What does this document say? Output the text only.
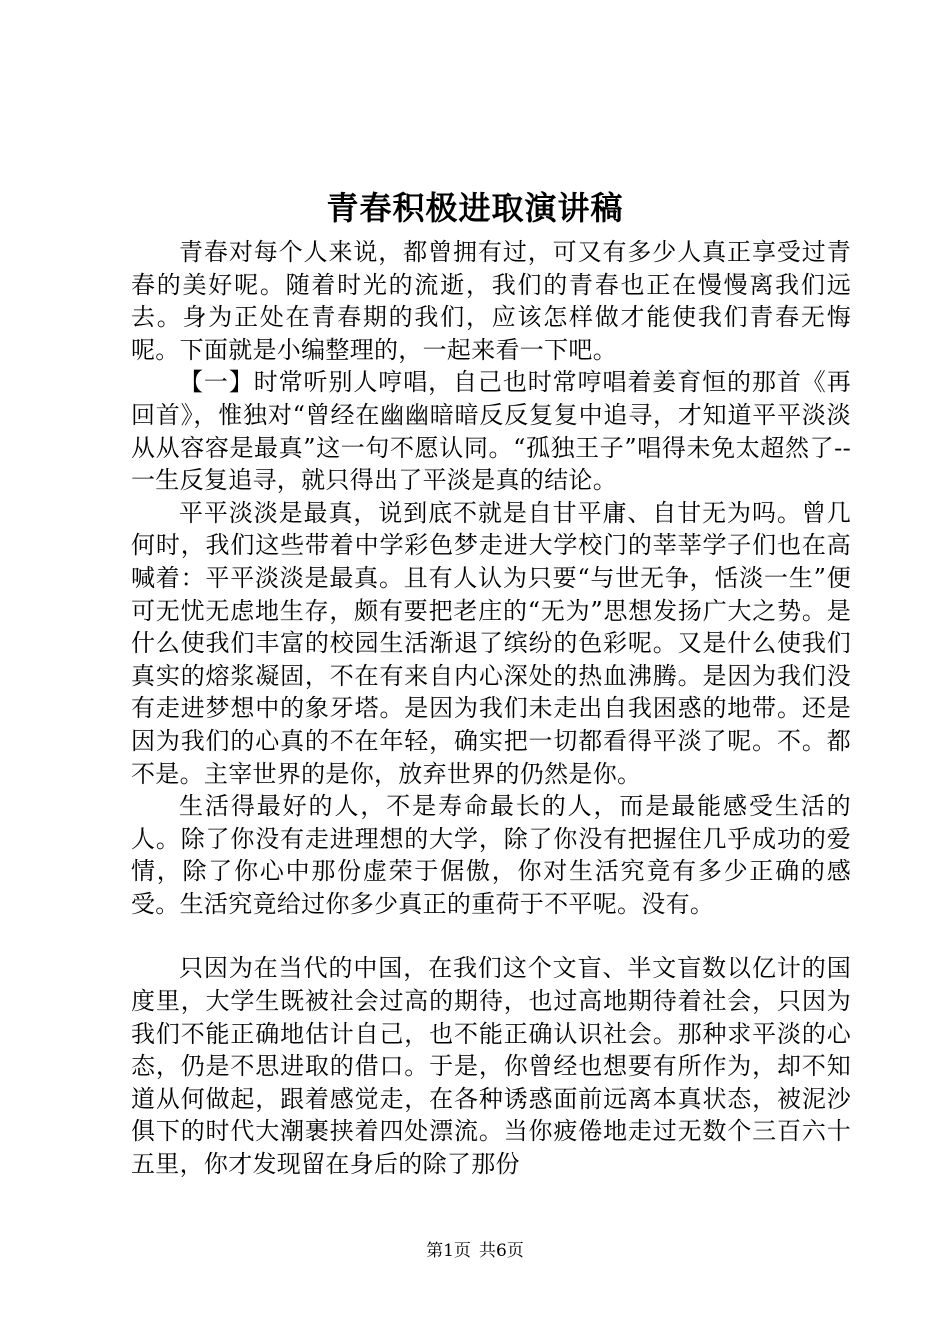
青春积极进取演讲稿

青春对每个人来说，都曾拥有过，可又有多少人真正享受过青春的美好呢。随着时光的流逝，我们的青春也正在慢慢离我们远去。身为正处在青春期的我们，应该怎样做才能使我们青春无悔呢。下面就是小编整理的，一起来看一下吧。

【一】时常听别人哼唱，自己也时常哼唱着姜育恒的那首《再回首》，惟独对“曾经在幽幽暗暗反反复复中追寻，才知道平平淡淡从从容容是最真”这一句不愿认同。“孤独王子”唱得未免太超然了--一生反复追寻，就只得出了平淡是真的结论。

平平淡淡是最真，说到底不就是自甘平庸、自甘无为吗。曾几何时，我们这些带着中学彩色梦走进大学校门的莘莘学子们也在高喊着：平平淡淡是最真。且有人认为只要“与世无争，恬淡一生”便可无忧无虑地生存，颇有要把老庄的“无为”思想发扬广大之势。是什么使我们丰富的校园生活渐退了缤纷的色彩呢。又是什么使我们真实的熔浆凝固，不在有来自内心深处的热血沸腾。是因为我们没有走进梦想中的象牙塔。是因为我们未走出自我困惑的地带。还是因为我们的心真的不在年轻，确实把一切都看得平淡了呢。不。都不是。主宰世界的是你，放弃世界的仍然是你。

生活得最好的人，不是寿命最长的人，而是最能感受生活的人。除了你没有走进理想的大学，除了你没有把握住几乎成功的爱情，除了你心中那份虚荣于倨傲，你对生活究竟有多少正确的感受。生活究竟给过你多少真正的重荷于不平呢。没有。

只因为在当代的中国，在我们这个文盲、半文盲数以亿计的国度里，大学生既被社会过高的期待，也过高地期待着社会，只因为我们不能正确地估计自己，也不能正确认识社会。那种求平淡的心态，仍是不思进取的借口。于是，你曾经也想要有所作为，却不知道从何做起，跟着感觉走，在各种诱惑面前远离本真状态，被泥沙俱下的时代大潮裹挟着四处漂流。当你疲倦地走过无数个三百六十五里，你才发现留在身后的除了那份

第1页 共6页
